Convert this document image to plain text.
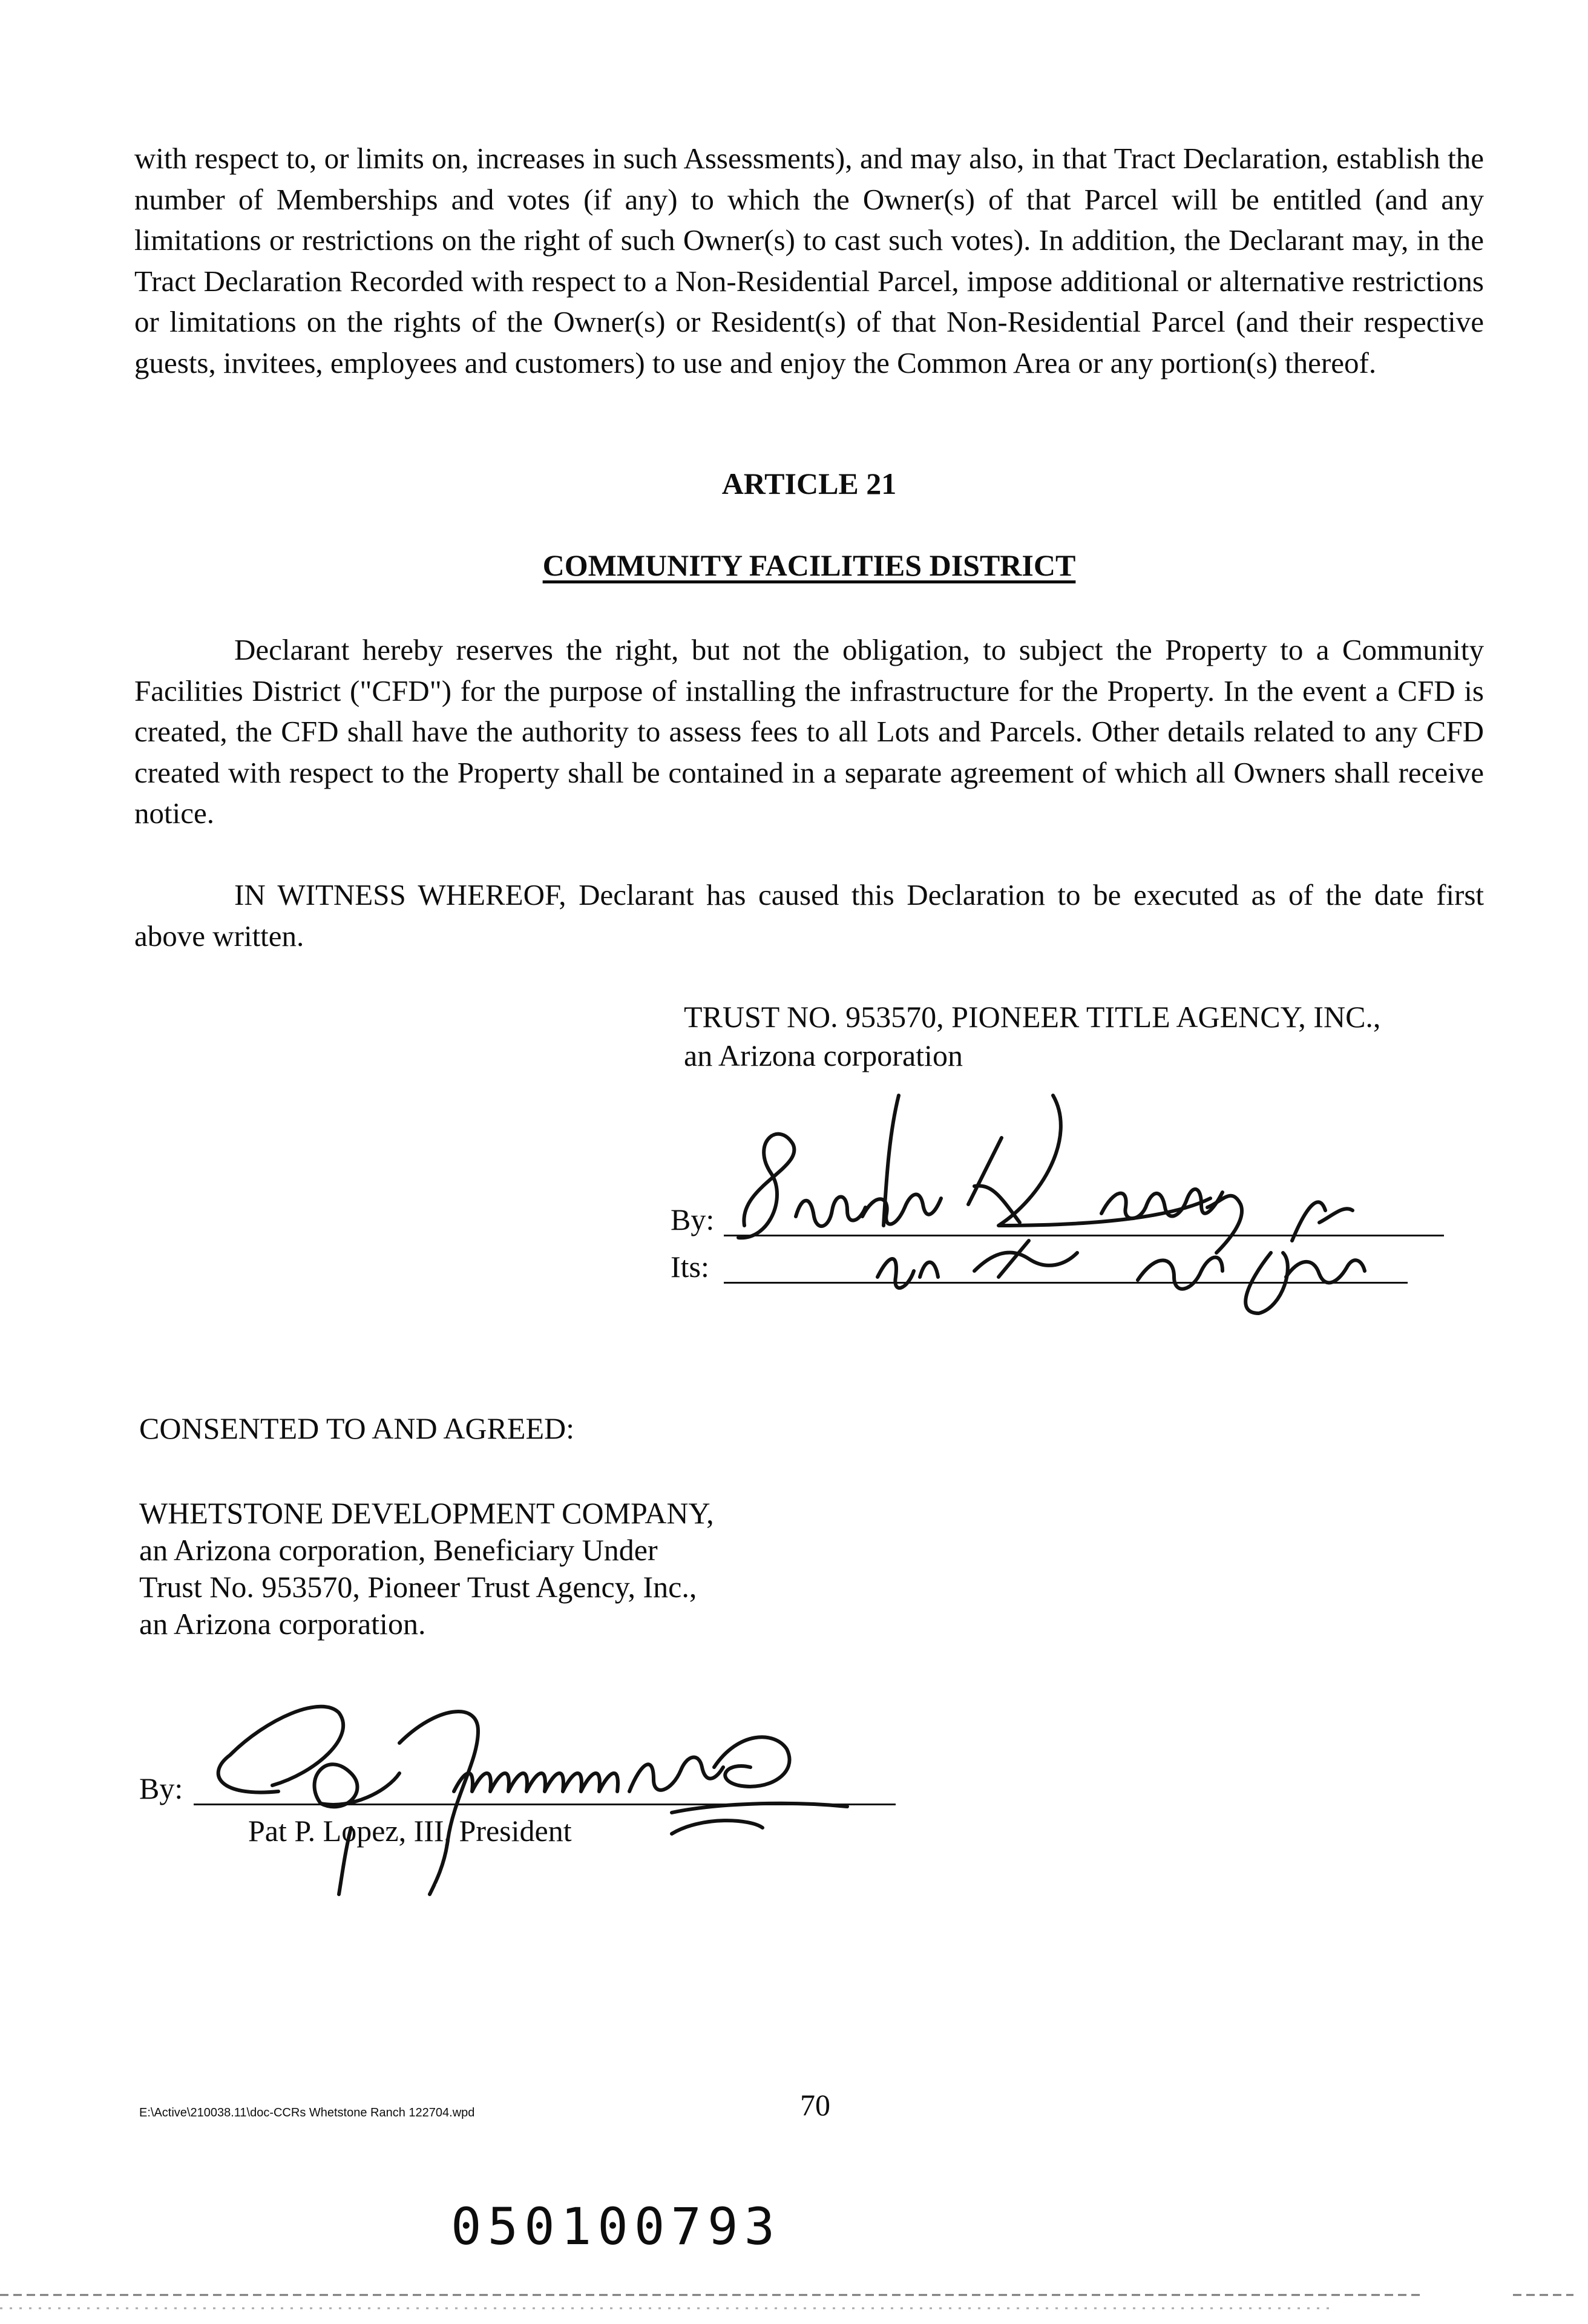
with respect to, or limits on, increases in such Assessments), and may also, in that Tract Declaration, establish the number of Memberships and votes (if any) to which the Owner(s) of that Parcel will be entitled (and any limitations or restrictions on the right of such Owner(s) to cast such votes). In addition, the Declarant may, in the Tract Declaration Recorded with respect to a Non-Residential Parcel, impose additional or alternative restrictions or limitations on the rights of the Owner(s) or Resident(s) of that Non-Residential Parcel (and their respective guests, invitees, employees and customers) to use and enjoy the Common Area or any portion(s) thereof.
ARTICLE 21
COMMUNITY FACILITIES DISTRICT
Declarant hereby reserves the right, but not the obligation, to subject the Property to a Community Facilities District ("CFD") for the purpose of installing the infrastructure for the Property. In the event a CFD is created, the CFD shall have the authority to assess fees to all Lots and Parcels. Other details related to any CFD created with respect to the Property shall be contained in a separate agreement of which all Owners shall receive notice.
IN WITNESS WHEREOF, Declarant has caused this Declaration to be executed as of the date first above written.
TRUST NO. 953570, PIONEER TITLE AGENCY, INC.,
an Arizona corporation
By:
Its:
Susan K. Launy
CONSENTED TO AND AGREED:
WHETSTONE DEVELOPMENT COMPANY,
an Arizona corporation, Beneficiary Under
Trust No. 953570, Pioneer Trust Agency, Inc.,
an Arizona corporation.
By:
Pat P. Lopez, III, President
Pat Lopez
E:\Active\210038.11\doc-CCRs Whetstone Ranch 122704.wpd	70
050100793
